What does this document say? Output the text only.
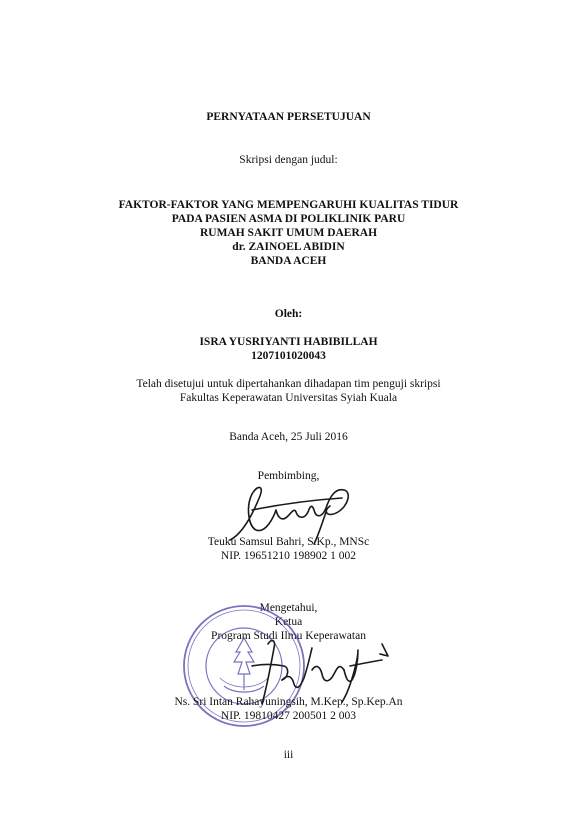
PERNYATAAN PERSETUJUAN
Skripsi dengan judul:
FAKTOR-FAKTOR YANG MEMPENGARUHI KUALITAS TIDUR
PADA PASIEN ASMA DI POLIKLINIK PARU
RUMAH SAKIT UMUM DAERAH
dr. ZAINOEL ABIDIN
BANDA ACEH
Oleh:
ISRA YUSRIYANTI HABIBILLAH
1207101020043
Telah disetujui untuk dipertahankan dihadapan tim penguji skripsi
Fakultas Keperawatan Universitas Syiah Kuala
Banda Aceh, 25 Juli 2016
Pembimbing,
Teuku Samsul Bahri, S.Kp., MNSc
NIP. 19651210 198902 1 002
Mengetahui,
Ketua
Program Studi Ilmu Keperawatan
Ns. Sri Intan Rahayuningsih, M.Kep., Sp.Kep.An
NIP. 19810427 200501 2 003
iii
